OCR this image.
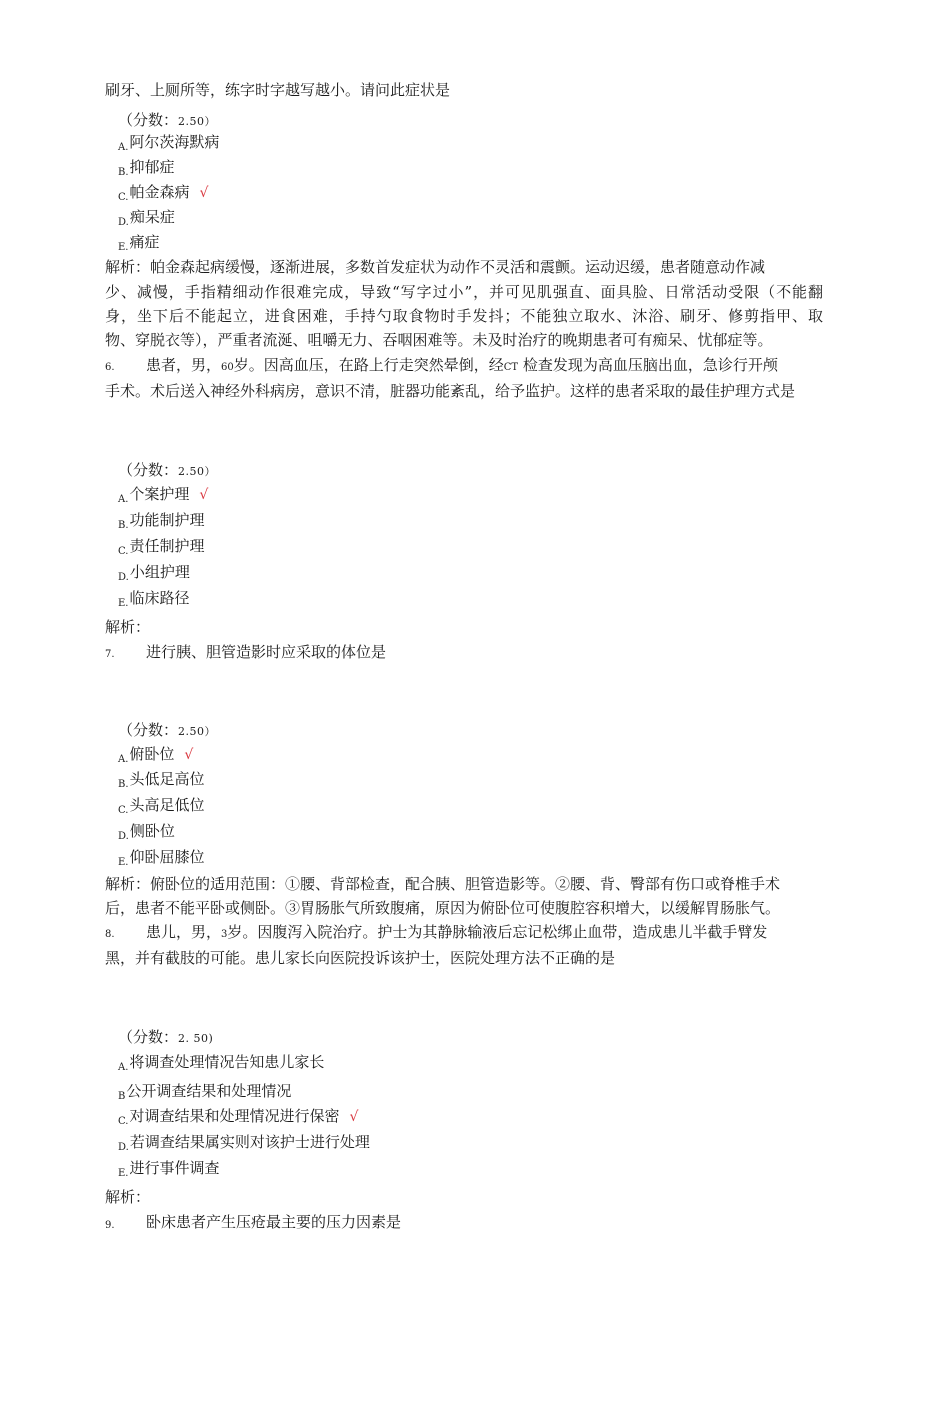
刷牙、上厕所等，练字时字越写越小。请问此症状是
（分数：2.50）
$_{A.}$阿尔茨海默病
$_{B.}$抑郁症
$_{C.}$帕金森病 √
$_{D.}$痴呆症
$_{E.}$痛症
解析：帕金森起病缓慢，逐渐进展，多数首发症状为动作不灵活和震颤。运动迟缓，患者随意动作减
少、减慢，手指精细动作很难完成，导致“写字过小”，并可见肌强直、面具脸、日常活动受限（不能翻
身，坐下后不能起立，进食困难，手持勺取食物时手发抖；不能独立取水、沐浴、刷牙、修剪指甲、取
物、穿脱衣等），严重者流涎、咀嚼无力、吞咽困难等。未及时治疗的晚期患者可有痴呆、忧郁症等。
6. 患者，男，60岁。因高血压，在路上行走突然晕倒，经CT 检查发现为高血压脑出血，急诊行开颅
手术。术后送入神经外科病房，意识不清，脏器功能紊乱，给予监护。这样的患者采取的最佳护理方式是
（分数：2.50）
$_{A.}$个案护理 √
$_{B.}$功能制护理
$_{C.}$责任制护理
$_{D.}$小组护理
$_{E.}$临床路径
解析：
7. 进行胰、胆管造影时应采取的体位是
（分数：2.50）
$_{A.}$俯卧位 √
$_{B.}$头低足高位
$_{C.}$头高足低位
$_{D.}$侧卧位
$_{E.}$仰卧屈膝位
解析：俯卧位的适用范围：①腰、背部检查，配合胰、胆管造影等。②腰、背、臀部有伤口或脊椎手术
后，患者不能平卧或侧卧。③胃肠胀气所致腹痛，原因为俯卧位可使腹腔容积增大，以缓解胃肠胀气。
8. 患儿，男，3岁。因腹泻入院治疗。护士为其静脉输液后忘记松绑止血带，造成患儿半截手臂发
黑，并有截肢的可能。患儿家长向医院投诉该护士，医院处理方法不正确的是
（分数：2. 50)
$_{A.}$将调查处理情况告知患儿家长
$_B$公开调查结果和处理情况
$_{C.}$对调查结果和处理情况进行保密 √
$_{D.}$若调查结果属实则对该护士进行处理
$_{E.}$进行事件调查
解析：
9. 卧床患者产生压疮最主要的压力因素是
